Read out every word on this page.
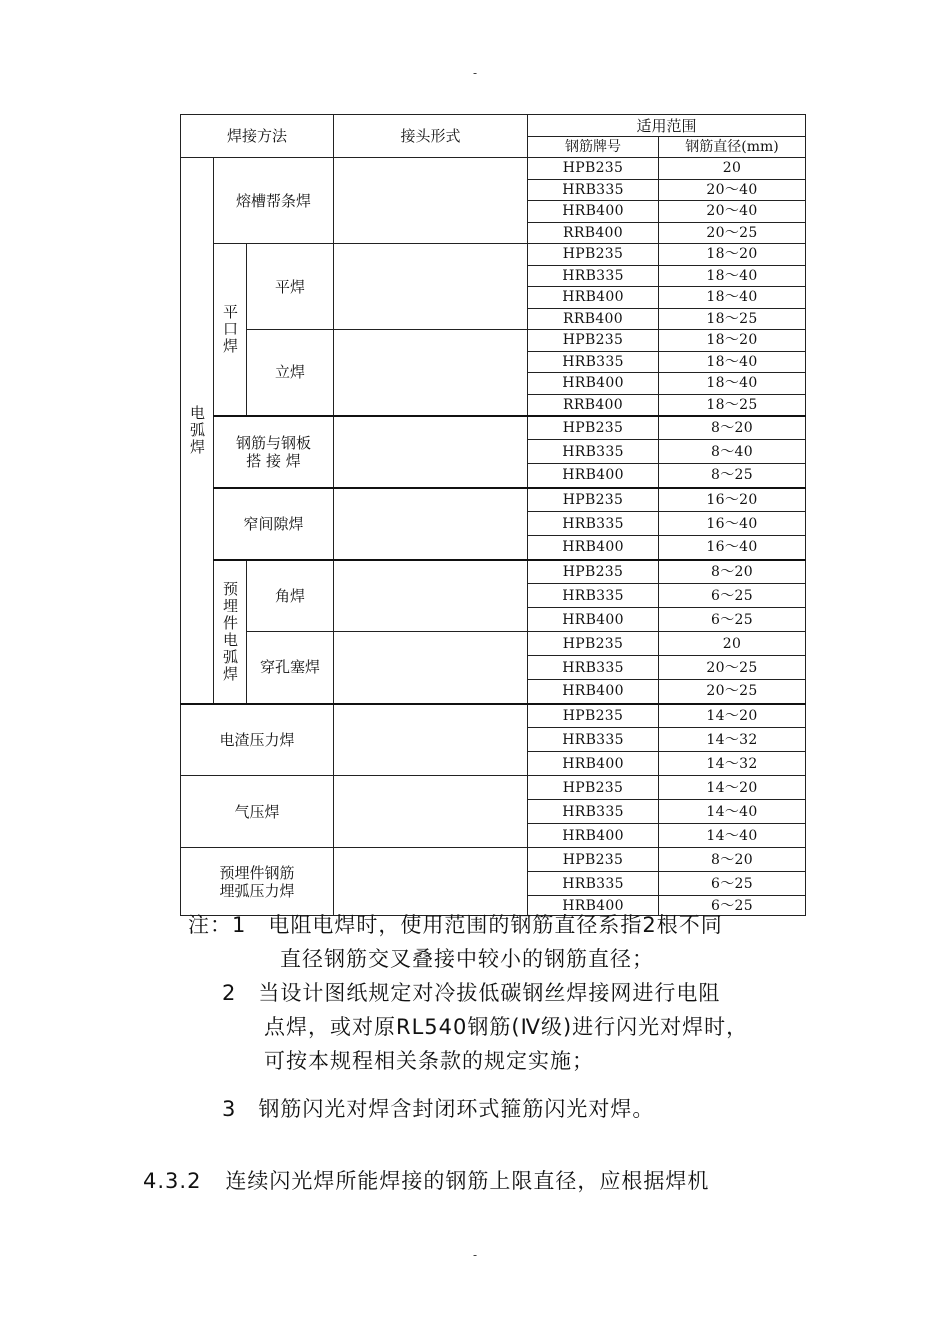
-
焊接方法			接头形式	适用范围	
				钢筋牌号	钢筋直径(mm)
电弧焊	熔槽帮条焊			HPB235	20
				HRB335	20～40
				HRB400	20～40
				RRB400	20～25
	平口焊	平焊		HPB235	18～20
				HRB335	18～40
				HRB400	18～40
				RRB400	18～25
		立焊		HPB235	18～20
				HRB335	18～40
				HRB400	18～40
				RRB400	18～25

	钢筋与钢板
搭 接 焊			HPB235	8～20
				HRB335	8～40
				HRB400	8～25
	窄间隙焊			HPB235	16～20
				HRB335	16～40
				HRB400	16～40
	预埋件电弧焊	角焊		HPB235	8～20
				HRB335	6～25
				HRB400	6～25
		穿孔塞焊		HPB235	20
				HRB335	20～25
				HRB400	20～25
电渣压力焊				HPB235	14～20
				HRB335	14～32
				HRB400	14～32
气压焊				HPB235	14～20
				HRB335	14～40
				HRB400	14～40

预埋件钢筋
埋弧压力焊				HPB235	8～20
				HRB335	6～25
				HRB400	6～25
注：1　电阻电焊时，使用范围的钢筋直径系指2根不同
直径钢筋交叉叠接中较小的钢筋直径；
2　当设计图纸规定对冷拔低碳钢丝焊接网进行电阻
点焊，或对原RL540钢筋(Ⅳ级)进行闪光对焊时，
可按本规程相关条款的规定实施；
3　钢筋闪光对焊含封闭环式箍筋闪光对焊。
4.3.2 连续闪光焊所能焊接的钢筋上限直径，应根据焊机
-
